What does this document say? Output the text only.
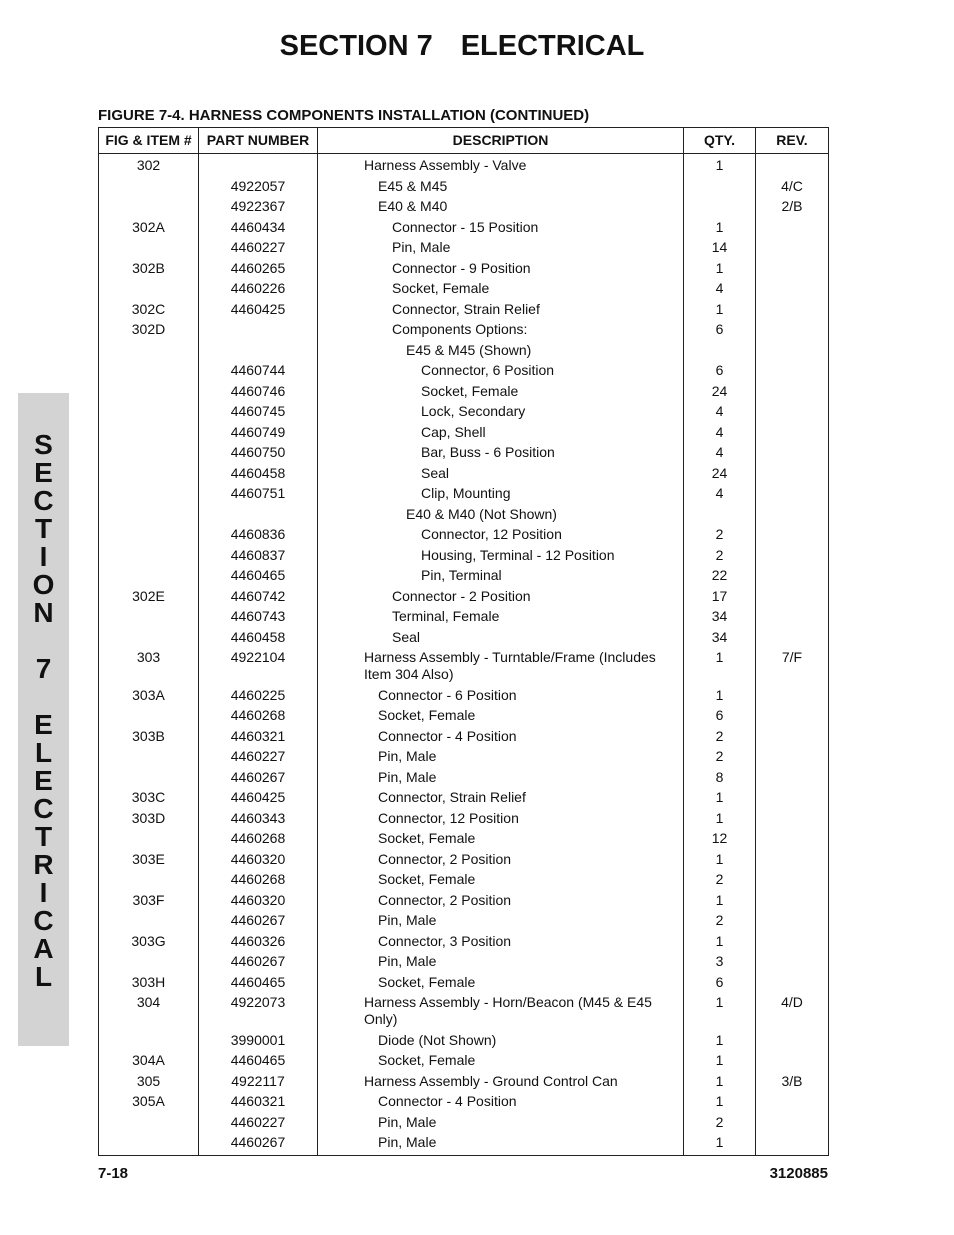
SECTION 7 ELECTRICAL
FIGURE 7-4. HARNESS COMPONENTS INSTALLATION (CONTINUED)
S
E
C
T
I
O
N
7
E
L
E
C
T
R
I
C
A
L
FIG & ITEM #	PART NUMBER	DESCRIPTION	QTY.	REV.
302		Harness Assembly - Valve	1	
	4922057	E45 & M45		4/C
	4922367	E40 & M40		2/B
302A	4460434	Connector - 15 Position	1	
	4460227	Pin, Male	14	
302B	4460265	Connector - 9 Position	1	
	4460226	Socket, Female	4	
302C	4460425	Connector, Strain Relief	1	
302D		Components Options:	6	

		E45 & M45 (Shown)		

	4460744	Connector, 6 Position	6	
	4460746	Socket, Female	24	
	4460745	Lock, Secondary	4	
	4460749	Cap, Shell	4	
	4460750	Bar, Buss - 6 Position	4	
	4460458	Seal	24	
	4460751	Clip, Mounting	4	

		E40 & M40 (Not Shown)		

	4460836	Connector, 12 Position	2	
	4460837	Housing, Terminal - 12 Position	2	
	4460465	Pin, Terminal	22	
302E	4460742	Connector - 2 Position	17	
	4460743	Terminal, Female	34	
	4460458	Seal	34	
303	4922104	Harness Assembly - Turntable/Frame (Includes Item 304 Also)	1	7/F
303A	4460225	Connector - 6 Position	1	
	4460268	Socket, Female	6	
303B	4460321	Connector - 4 Position	2	
	4460227	Pin, Male	2	
	4460267	Pin, Male	8	
303C	4460425	Connector, Strain Relief	1	
303D	4460343	Connector, 12 Position	1	
	4460268	Socket, Female	12	
303E	4460320	Connector, 2 Position	1	
	4460268	Socket, Female	2	
303F	4460320	Connector, 2 Position	1	
	4460267	Pin, Male	2	
303G	4460326	Connector, 3 Position	1	
	4460267	Pin, Male	3	
303H	4460465	Socket, Female	6	
304	4922073	Harness Assembly - Horn/Beacon (M45 & E45 Only)	1	4/D
	3990001	Diode (Not Shown)	1	
304A	4460465	Socket, Female	1	
305	4922117	Harness Assembly - Ground Control Can	1	3/B
305A	4460321	Connector - 4 Position	1	
	4460227	Pin, Male	2	
	4460267	Pin, Male	1	
7-18	3120885
